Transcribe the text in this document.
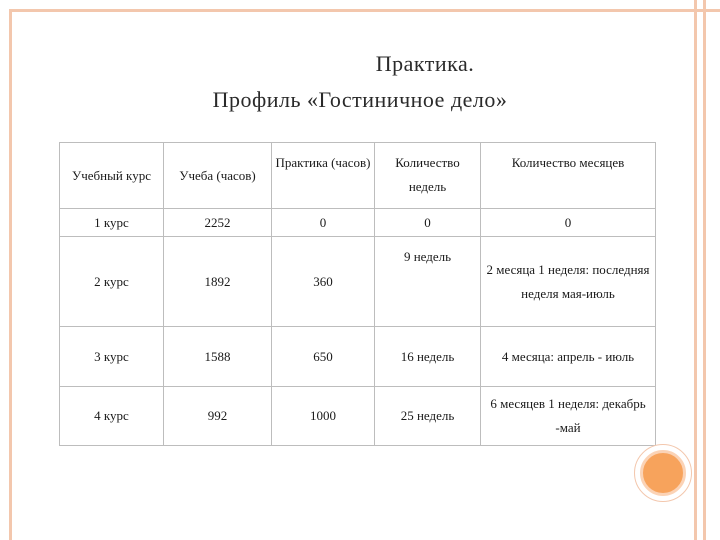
Практика.
Профиль «Гостиничное дело»
Учебный курс	Учеба (часов)	Практика (часов)	Количество недель	Количество месяцев
1 курс	2252	0	0	0
2 курс	1892	360	9 недель	2 месяца 1 неделя: последняя неделя мая-июль
3 курс	1588	650	16 недель	4 месяца: апрель - июль
4 курс	992	1000	25 недель	6 месяцев 1 неделя: декабрь -май
